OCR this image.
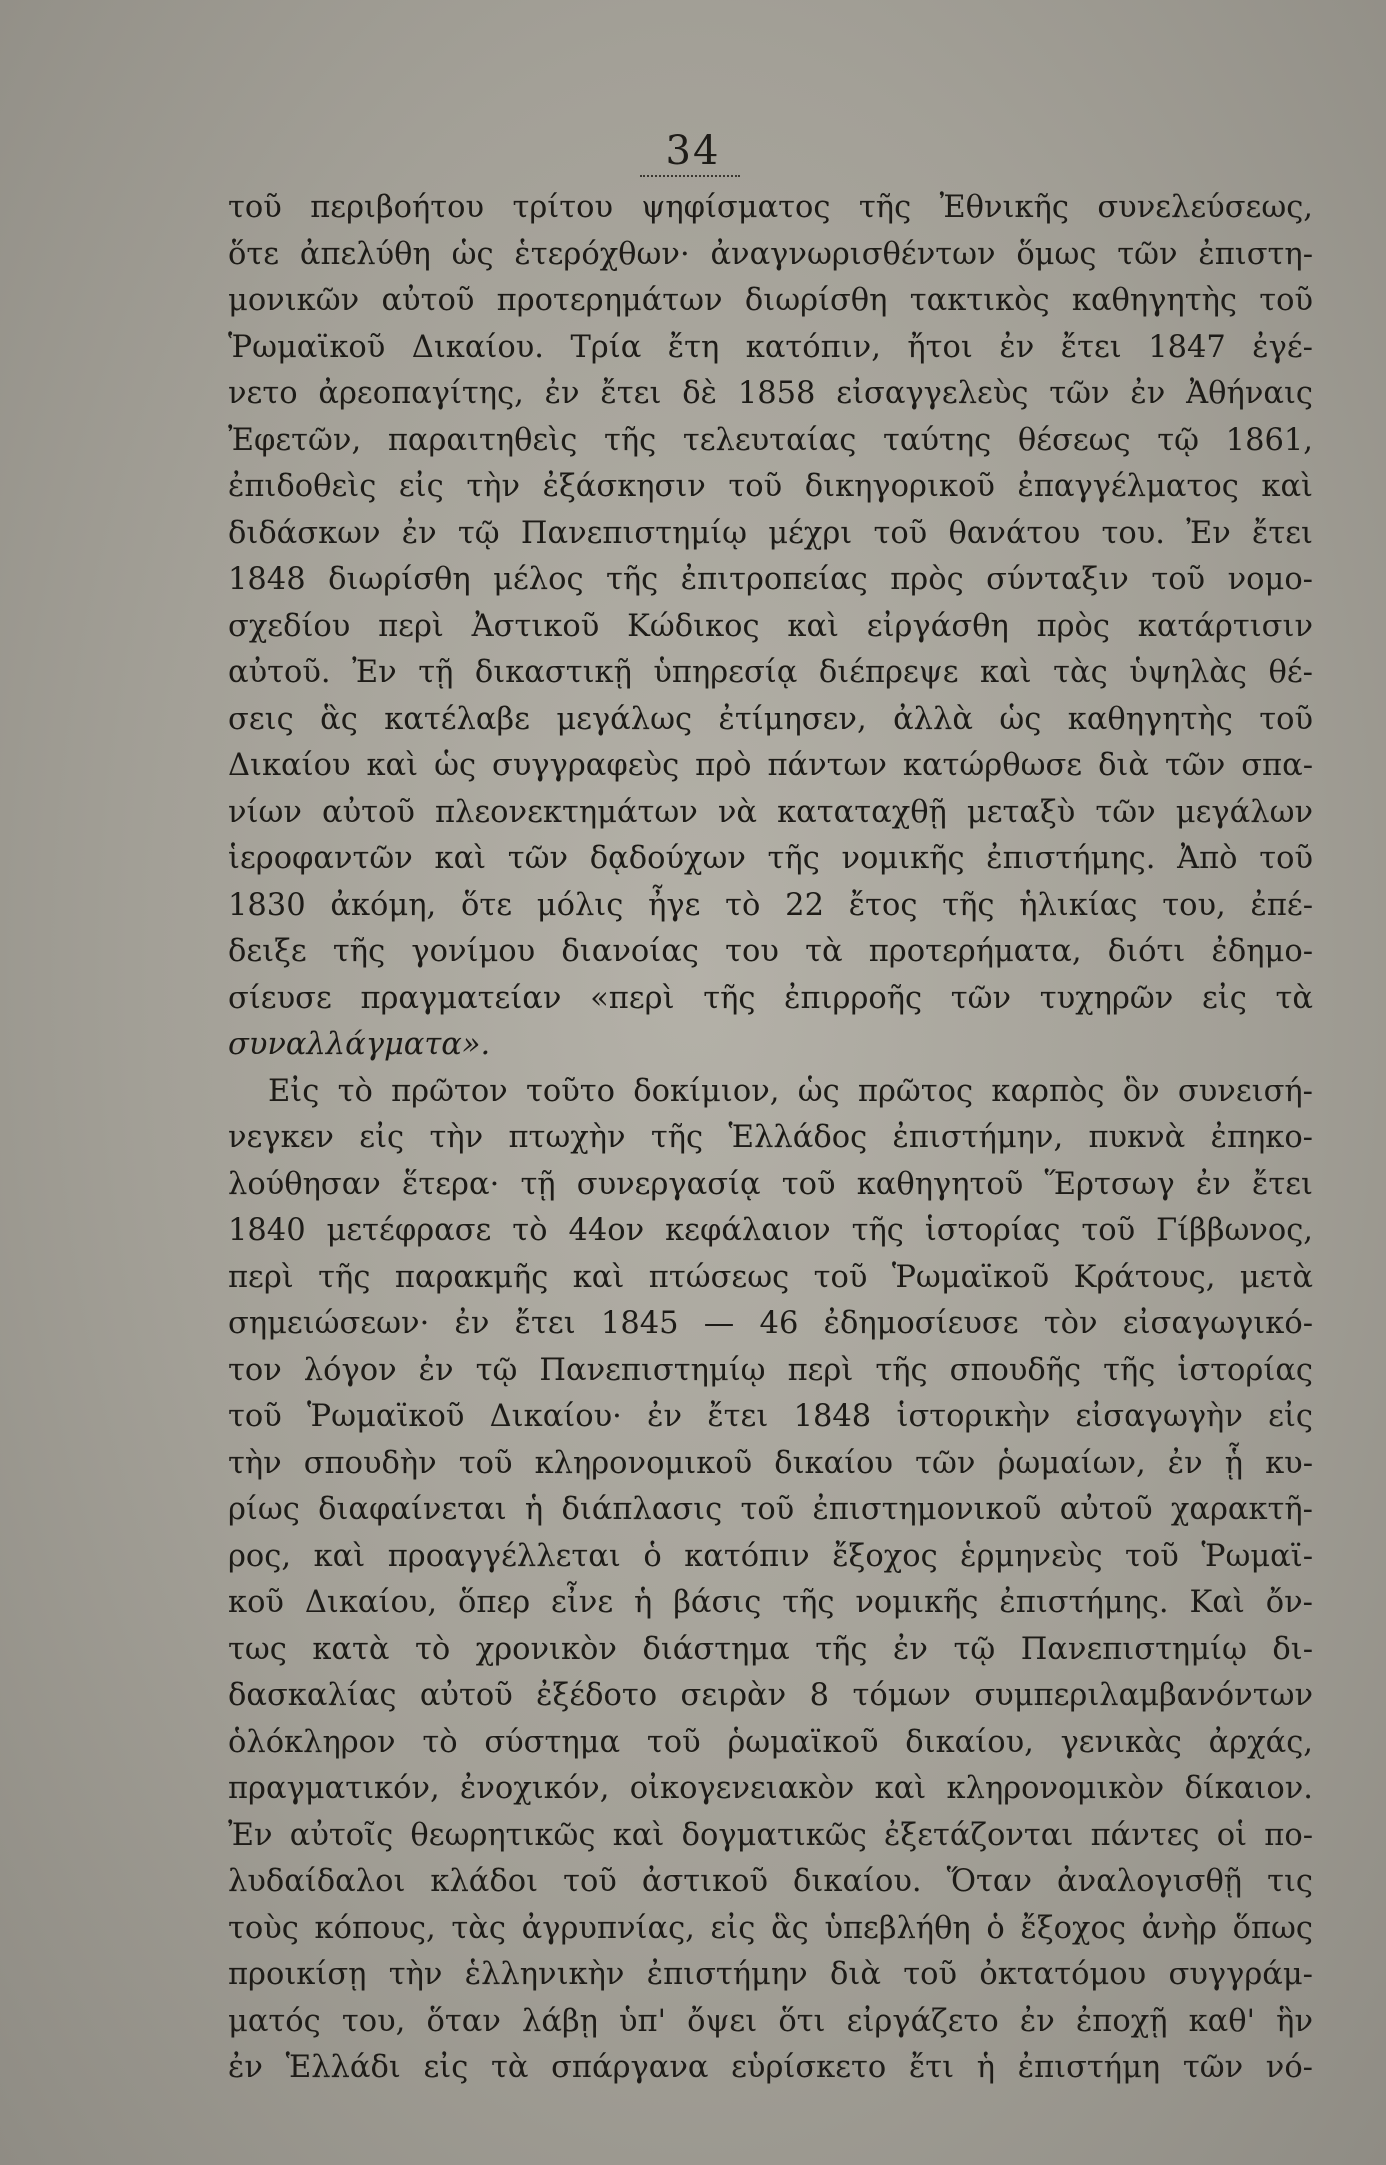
34
τοῦ περιβοήτου τρίτου ψηφίσματος τῆς Ἐθνικῆς συνελεύσεως,
ὅτε ἀπελύθη ὡς ἑτερόχθων· ἀναγνωρισθέντων ὅμως τῶν ἐπιστη-
μονικῶν αὐτοῦ προτερημάτων διωρίσθη τακτικὸς καθηγητὴς τοῦ
Ῥωμαϊκοῦ Δικαίου. Τρία ἔτη κατόπιν, ἤτοι ἐν ἔτει 1847 ἐγέ-
νετο ἀρεοπαγίτης, ἐν ἔτει δὲ 1858 εἰσαγγελεὺς τῶν ἐν Ἀθήναις
Ἐφετῶν, παραιτηθεὶς τῆς τελευταίας ταύτης θέσεως τῷ 1861,
ἐπιδοθεὶς εἰς τὴν ἐξάσκησιν τοῦ δικηγορικοῦ ἐπαγγέλματος καὶ
διδάσκων ἐν τῷ Πανεπιστημίῳ μέχρι τοῦ θανάτου του. Ἐν ἔτει
1848 διωρίσθη μέλος τῆς ἐπιτροπείας πρὸς σύνταξιν τοῦ νομο-
σχεδίου περὶ Ἀστικοῦ Κώδικος καὶ εἰργάσθη πρὸς κατάρτισιν
αὐτοῦ. Ἐν τῇ δικαστικῇ ὑπηρεσίᾳ διέπρεψε καὶ τὰς ὑψηλὰς θέ-
σεις ἃς κατέλαβε μεγάλως ἐτίμησεν, ἀλλὰ ὡς καθηγητὴς τοῦ
Δικαίου καὶ ὡς συγγραφεὺς πρὸ πάντων κατώρθωσε διὰ τῶν σπα-
νίων αὐτοῦ πλεονεκτημάτων νὰ καταταχθῇ μεταξὺ τῶν μεγάλων
ἱεροφαντῶν καὶ τῶν δᾳδούχων τῆς νομικῆς ἐπιστήμης. Ἀπὸ τοῦ
1830 ἀκόμη, ὅτε μόλις ἦγε τὸ 22 ἔτος τῆς ἡλικίας του, ἐπέ-
δειξε τῆς γονίμου διανοίας του τὰ προτερήματα, διότι ἐδημο-
σίευσε πραγματείαν «περὶ τῆς ἐπιρροῆς τῶν τυχηρῶν εἰς τὰ
συναλλάγματα».
Εἰς τὸ πρῶτον τοῦτο δοκίμιον, ὡς πρῶτος καρπὸς ὃν συνεισή-
νεγκεν εἰς τὴν πτωχὴν τῆς Ἑλλάδος ἐπιστήμην, πυκνὰ ἐπηκο-
λούθησαν ἕτερα· τῇ συνεργασίᾳ τοῦ καθηγητοῦ Ἕρτσωγ ἐν ἔτει
1840 μετέφρασε τὸ 44ον κεφάλαιον τῆς ἱστορίας τοῦ Γίββωνος,
περὶ τῆς παρακμῆς καὶ πτώσεως τοῦ Ῥωμαϊκοῦ Κράτους, μετὰ
σημειώσεων· ἐν ἔτει 1845 — 46 ἐδημοσίευσε τὸν εἰσαγωγικό-
τον λόγον ἐν τῷ Πανεπιστημίῳ περὶ τῆς σπουδῆς τῆς ἱστορίας
τοῦ Ῥωμαϊκοῦ Δικαίου· ἐν ἔτει 1848 ἱστορικὴν εἰσαγωγὴν εἰς
τὴν σπουδὴν τοῦ κληρονομικοῦ δικαίου τῶν ῥωμαίων, ἐν ᾗ κυ-
ρίως διαφαίνεται ἡ διάπλασις τοῦ ἐπιστημονικοῦ αὐτοῦ χαρακτῆ-
ρος, καὶ προαγγέλλεται ὁ κατόπιν ἔξοχος ἑρμηνεὺς τοῦ Ῥωμαϊ-
κοῦ Δικαίου, ὅπερ εἶνε ἡ βάσις τῆς νομικῆς ἐπιστήμης. Καὶ ὄν-
τως κατὰ τὸ χρονικὸν διάστημα τῆς ἐν τῷ Πανεπιστημίῳ δι-
δασκαλίας αὐτοῦ ἐξέδοτο σειρὰν 8 τόμων συμπεριλαμβανόντων
ὁλόκληρον τὸ σύστημα τοῦ ῥωμαϊκοῦ δικαίου, γενικὰς ἀρχάς,
πραγματικόν, ἐνοχικόν, οἰκογενειακὸν καὶ κληρονομικὸν δίκαιον.
Ἐν αὐτοῖς θεωρητικῶς καὶ δογματικῶς ἐξετάζονται πάντες οἱ πο-
λυδαίδαλοι κλάδοι τοῦ ἀστικοῦ δικαίου. Ὅταν ἀναλογισθῇ τις
τοὺς κόπους, τὰς ἀγρυπνίας, εἰς ἃς ὑπεβλήθη ὁ ἔξοχος ἀνὴρ ὅπως
προικίσῃ τὴν ἑλληνικὴν ἐπιστήμην διὰ τοῦ ὀκτατόμου συγγράμ-
ματός του, ὅταν λάβῃ ὑπ' ὄψει ὅτι εἰργάζετο ἐν ἐποχῇ καθ' ἣν
ἐν Ἑλλάδι εἰς τὰ σπάργανα εὑρίσκετο ἔτι ἡ ἐπιστήμη τῶν νό-
